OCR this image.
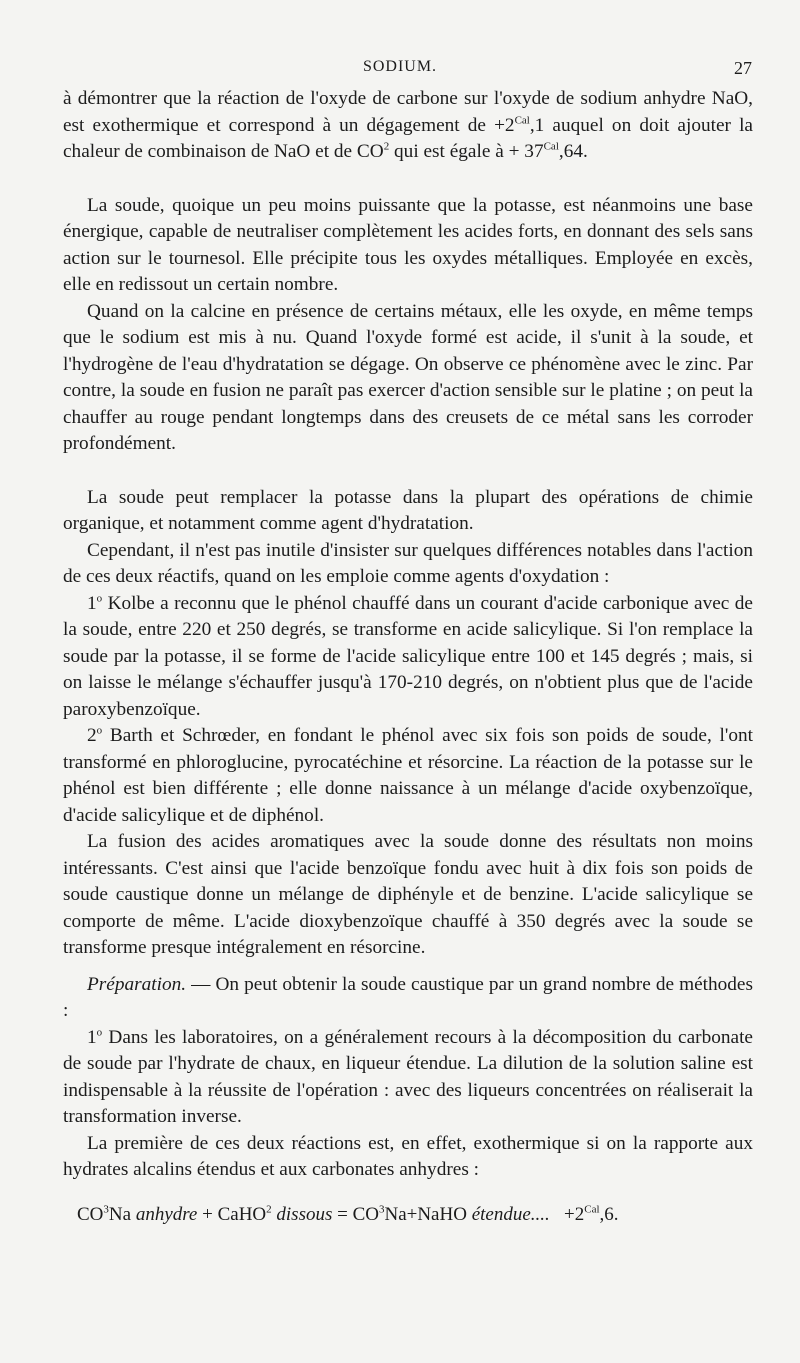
SODIUM.	27

à démontrer que la réaction de l'oxyde de carbone sur l'oxyde de sodium anhydre NaO, est exothermique et correspond à un dégagement de $+2^{Cal},1$ auquel on doit ajouter la chaleur de combinaison de NaO et de $CO^2$ qui est égale à + $37^{Cal},64$.

La soude, quoique un peu moins puissante que la potasse, est néanmoins une base énergique, capable de neutraliser complètement les acides forts, en donnant des sels sans action sur le tournesol. Elle précipite tous les oxydes métalliques. Employée en excès, elle en redissout un certain nombre.

Quand on la calcine en présence de certains métaux, elle les oxyde, en même temps que le sodium est mis à nu. Quand l'oxyde formé est acide, il s'unit à la soude, et l'hydrogène de l'eau d'hydratation se dégage. On observe ce phénomène avec le zinc. Par contre, la soude en fusion ne paraît pas exercer d'action sensible sur le platine ; on peut la chauffer au rouge pendant longtemps dans des creusets de ce métal sans les corroder profondément.

La soude peut remplacer la potasse dans la plupart des opérations de chimie organique, et notamment comme agent d'hydratation.

Cependant, il n'est pas inutile d'insister sur quelques différences notables dans l'action de ces deux réactifs, quand on les emploie comme agents d'oxydation :

1$^o$ Kolbe a reconnu que le phénol chauffé dans un courant d'acide carbonique avec de la soude, entre 220 et 250 degrés, se transforme en acide salicylique. Si l'on remplace la soude par la potasse, il se forme de l'acide salicylique entre 100 et 145 degrés ; mais, si on laisse le mélange s'échauffer jusqu'à 170-210 degrés, on n'obtient plus que de l'acide paroxybenzoïque.

2$^o$ Barth et Schrœder, en fondant le phénol avec six fois son poids de soude, l'ont transformé en phloroglucine, pyrocatéchine et résorcine. La réaction de la potasse sur le phénol est bien différente ; elle donne naissance à un mélange d'acide oxybenzoïque, d'acide salicylique et de diphénol.

La fusion des acides aromatiques avec la soude donne des résultats non moins intéressants. C'est ainsi que l'acide benzoïque fondu avec huit à dix fois son poids de soude caustique donne un mélange de diphényle et de benzine. L'acide salicylique se comporte de même. L'acide dioxybenzoïque chauffé à 350 degrés avec la soude se transforme presque intégralement en résorcine.

Préparation. — On peut obtenir la soude caustique par un grand nombre de méthodes :

1$^o$ Dans les laboratoires, on a généralement recours à la décomposition du carbonate de soude par l'hydrate de chaux, en liqueur étendue. La dilution de la solution saline est indispensable à la réussite de l'opération : avec des liqueurs concentrées on réaliserait la transformation inverse.

La première de ces deux réactions est, en effet, exothermique si on la rapporte aux hydrates alcalins étendus et aux carbonates anhydres :

$CO^3Na$ anhydre + CaHO$^2$ dissous = $CO^3Na+NaHO$ étendue....   $+2^{Cal},6$.
